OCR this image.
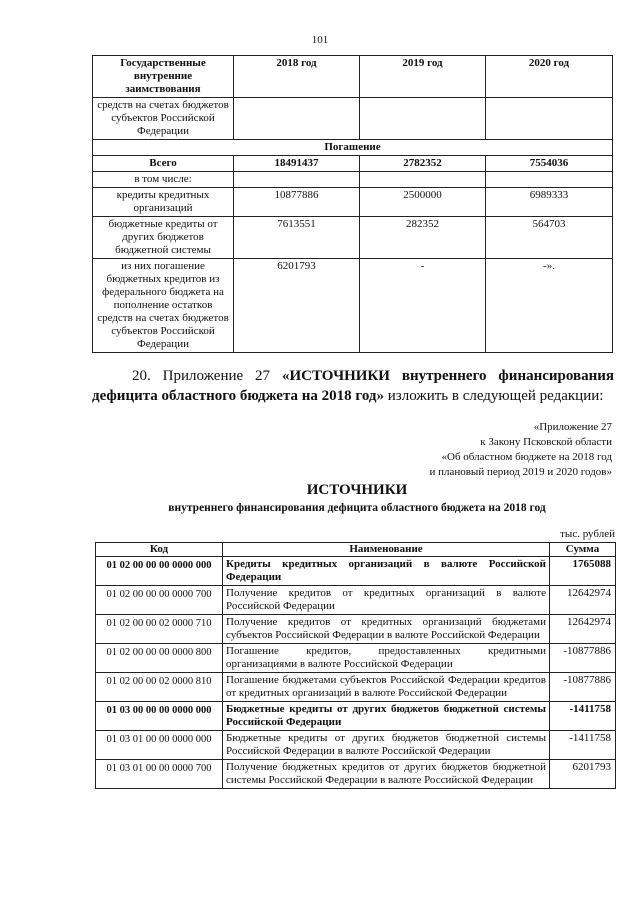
101
Государственные внутренние заимствования	2018 год	2019 год	2020 год
средств на счетах бюджетов субъектов Российской Федерации			
Погашение			
Всего	18491437	2782352	7554036
в том числе:			
кредиты кредитных организаций	10877886	2500000	6989333
бюджетные кредиты от других бюджетов бюджетной системы	7613551	282352	564703
из них погашение бюджетных кредитов из федерального бюджета на пополнение остатков средств на счетах бюджетов субъектов Российской Федерации	6201793	-	-».
20. Приложение 27 «ИСТОЧНИКИ внутреннего финансирования дефицита областного бюджета на 2018 год» изложить в следующей редакции:
«Приложение 27
к Закону Псковской области
«Об областном бюджете на 2018 год
и плановый период 2019 и 2020 годов»
ИСТОЧНИКИ
внутреннего финансирования дефицита областного бюджета на 2018 год
тыс. рублей
Код	Наименование	Сумма
01 02 00 00 00 0000 000	Кредиты кредитных организаций в валюте Российской Федерации	1765088
01 02 00 00 00 0000 700	Получение кредитов от кредитных организаций в валюте Российской Федерации	12642974
01 02 00 00 02 0000 710	Получение кредитов от кредитных организаций бюджетами субъектов Российской Федерации в валюте Российской Федерации	12642974
01 02 00 00 00 0000 800	Погашение кредитов, предоставленных кредитными организациями в валюте Российской Федерации	-10877886
01 02 00 00 02 0000 810	Погашение бюджетами субъектов Российской Федерации кредитов от кредитных организаций в валюте Российской Федерации	-10877886
01 03 00 00 00 0000 000	Бюджетные кредиты от других бюджетов бюджетной системы Российской Федерации	-1411758
01 03 01 00 00 0000 000	Бюджетные кредиты от других бюджетов бюджетной системы Российской Федерации в валюте Российской Федерации	-1411758
01 03 01 00 00 0000 700	Получение бюджетных кредитов от других бюджетов бюджетной системы Российской Федерации в валюте Российской Федерации	6201793
